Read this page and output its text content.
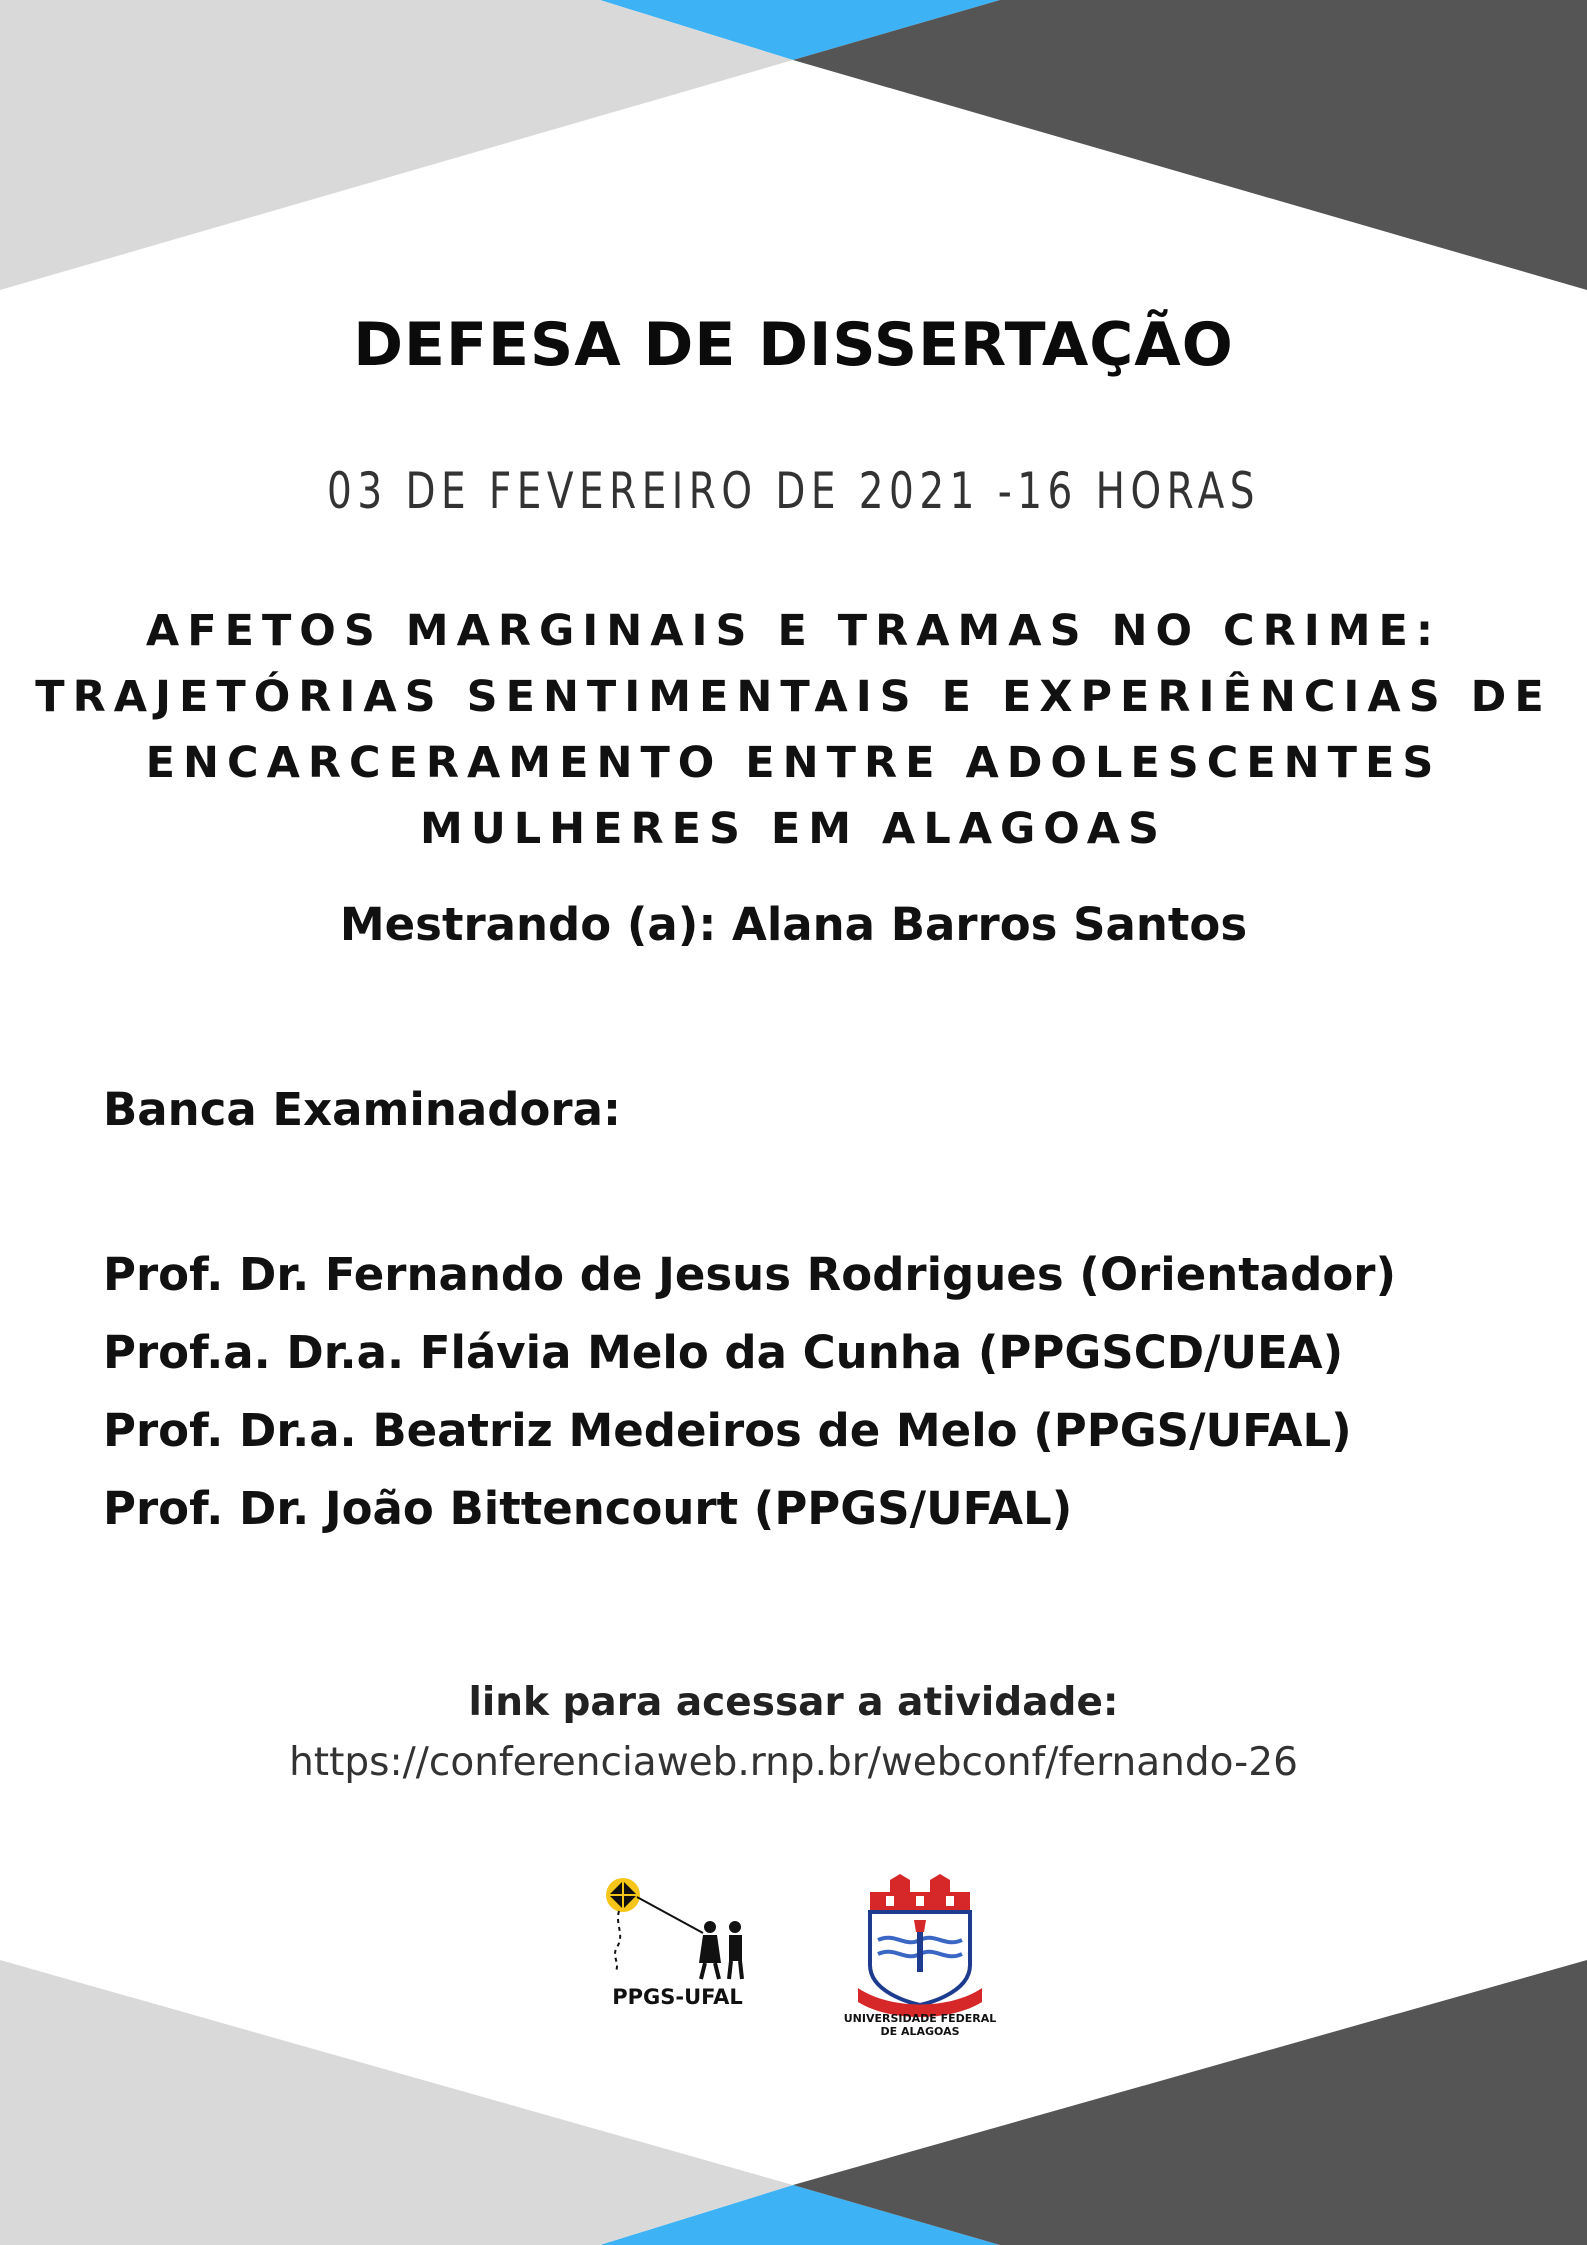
DEFESA DE DISSERTAÇÃO
03 DE FEVEREIRO DE 2021 -16 HORAS
AFETOS MARGINAIS E TRAMAS NO CRIME:
TRAJETÓRIAS SENTIMENTAIS E EXPERIÊNCIAS DE
ENCARCERAMENTO ENTRE ADOLESCENTES
MULHERES EM ALAGOAS
Mestrando (a): Alana Barros Santos
Banca Examinadora:
Prof. Dr. Fernando de Jesus Rodrigues (Orientador)
Prof.a. Dr.a. Flávia Melo da Cunha (PPGSCD/UEA)
Prof. Dr.a. Beatriz Medeiros de Melo (PPGS/UFAL)
Prof. Dr. João Bittencourt (PPGS/UFAL)
link para acessar a atividade:
https://conferenciaweb.rnp.br/webconf/fernando-26
PPGS-UFAL
UNIVERSIDADE FEDERAL
DE ALAGOAS
